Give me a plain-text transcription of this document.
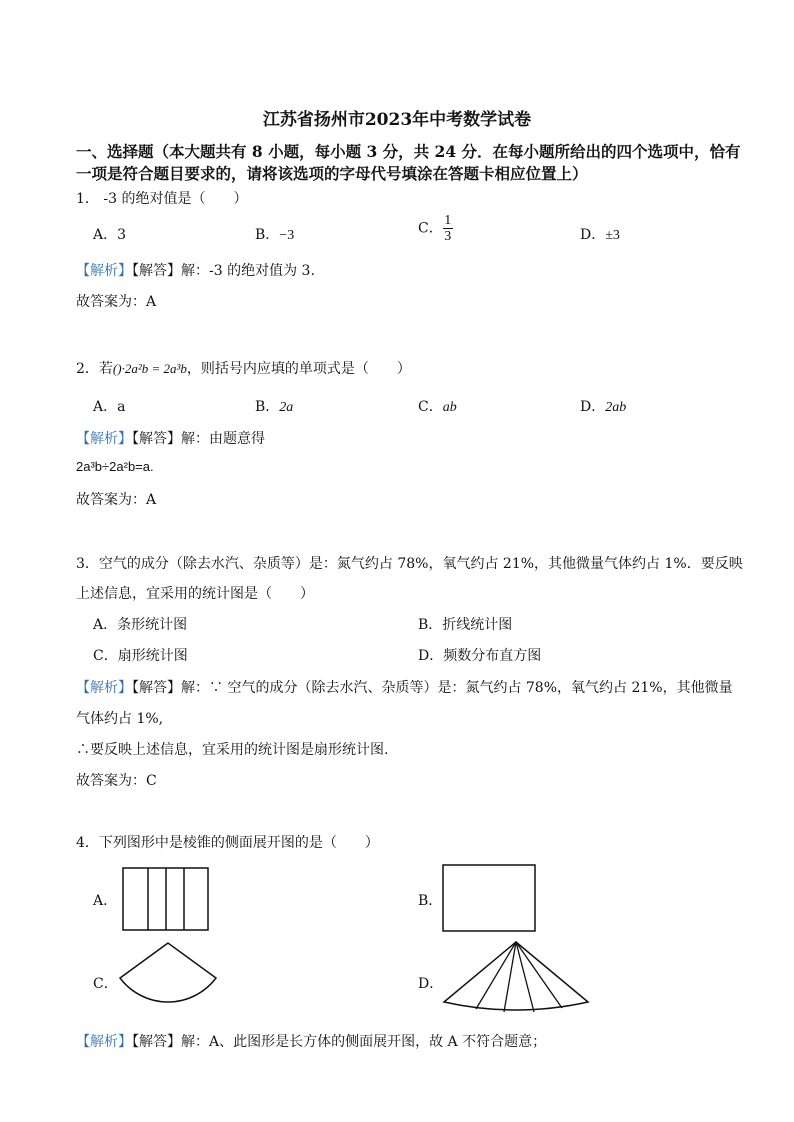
江苏省扬州市2023年中考数学试卷
一、选择题（本大题共有 8 小题，每小题 3 分，共 24 分．在每小题所给出的四个选项中，恰有
一项是符合题目要求的，请将该选项的字母代号填涂在答题卡相应位置上）
1． -3 的绝对值是（　　）
A．3	B．−3	C． $\frac{1}{3}$	D．±3
【解析】【解答】解：-3 的绝对值为 3.
故答案为：A
2．若()·2a²b = 2a³b，则括号内应填的单项式是（　　）
A．a	B．2a	C．ab	D．2ab
【解析】【解答】解：由题意得
2a³b÷2a²b=a.
故答案为：A
3．空气的成分（除去水汽、杂质等）是：氮气约占 78%，氧气约占 21%，其他微量气体约占 1%．要反映
上述信息，宜采用的统计图是（　　）
A．条形统计图	B．折线统计图
C．扇形统计图	D．频数分布直方图
【解析】【解答】解：∵ 空气的成分（除去水汽、杂质等）是：氮气约占 78%，氧气约占 21%，其他微量
气体约占 1%,
∴要反映上述信息，宜采用的统计图是扇形统计图.
故答案为：C
4．下列图形中是棱锥的侧面展开图的是（　　）
A．	B．
C．	D．
【解析】【解答】解：A、此图形是长方体的侧面展开图，故 A 不符合题意；
